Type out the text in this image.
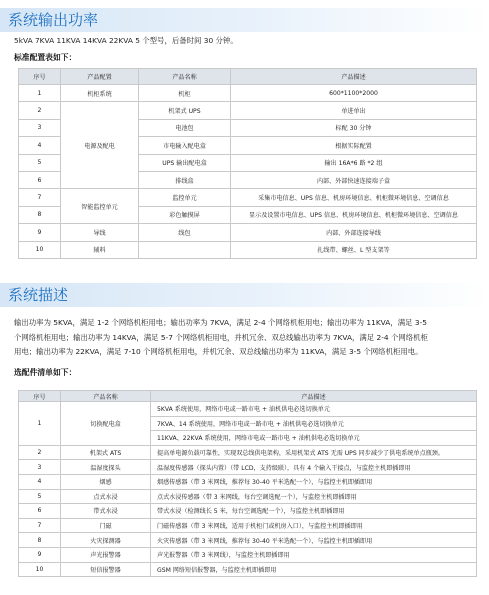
系统输出功率
5kVA 7KVA 11KVA 14KVA 22KVA 5 个型号，后备时间 30 分钟。
标准配置表如下：
序号	产品配置	产品名称	产品描述
1	机柜系统	机柜	600*1100*2000
2	电源及配电	机架式 UPS	单进单出
3		电池包	标配 30 分钟
4		市电输入配电盒	根据实际配置
5		UPS 输出配电盒	输出 16A*6 路 *2 组
6		排线盒	内部、外部快速连接端子盒
7	智能监控单元	监控单元	采集市电信息、UPS 信息、机房环境信息、机柜微环境信息、空调信息
8		彩色触摸屏	显示及设置市电信息、UPS 信息、机房环境信息、机柜微环境信息、空调信息
9	导线	线包	内部、外部连接导线
10	辅料		扎线带、螺丝、L 型支架等
系统描述
输出功率为 5KVA，满足 1-2 个网络机柜用电；输出功率为 7KVA，满足 2-4 个网络机柜用电；输出功率为 11KVA，满足 3-5
个网络机柜用电；输出功率为 14KVA，满足 5-7 个网络机柜用电，并机冗余、双总线输出功率为 7KVA，满足 2-4 个网络机柜
用电；输出功率为 22KVA，满足 7-10 个网络机柜用电，并机冗余、双总线输出功率为 11KVA，满足 3-5 个网络机柜用电。
选配件清单如下：
序号	产品名称	产品描述
1	切换配电盒	5KVA 系统使用，网络市电或一路市电 + 油机供电必选切换单元
		7KVA、14 系统使用，网络市电或一路市电 + 油机供电必选切换单元
		11KVA、22KVA 系统使用，网络市电或一路市电 + 油机供电必选切换单元
2	机架式 ATS	提高单电源负载可靠性，实现双总线供电架构，采用机架式 ATS 无需 UPS 同步减少了供电系统单点瓶颈。
3	温湿度探头	温湿度传感器（探头内置）（带 LCD，支持级联），具有 4 个输入干接点，与监控主机即插即用
4	烟感	烟感传感器（带 3 米网线，推荐每 30-40 平米选配一个），与监控主机即插即用
5	点式水浸	点式水浸传感器（带 3 米网线，每台空调选配一个），与监控主机即插即用
6	带式水浸	带式水浸（检测线长 5 米，每台空调选配一个），与监控主机即插即用
7	门磁	门磁传感器（带 3 米网线，适用于机柜门或机房入口），与监控主机即插即用
8	火灾探测器	火灾传感器（带 3 米网线，推荐每 30-40 平米选配一个），与监控主机即插即用
9	声光报警器	声光报警器（带 3 米网线），与监控主机即插即用
10	短信报警器	GSM 网络短信报警器，与监控主机即插即用
